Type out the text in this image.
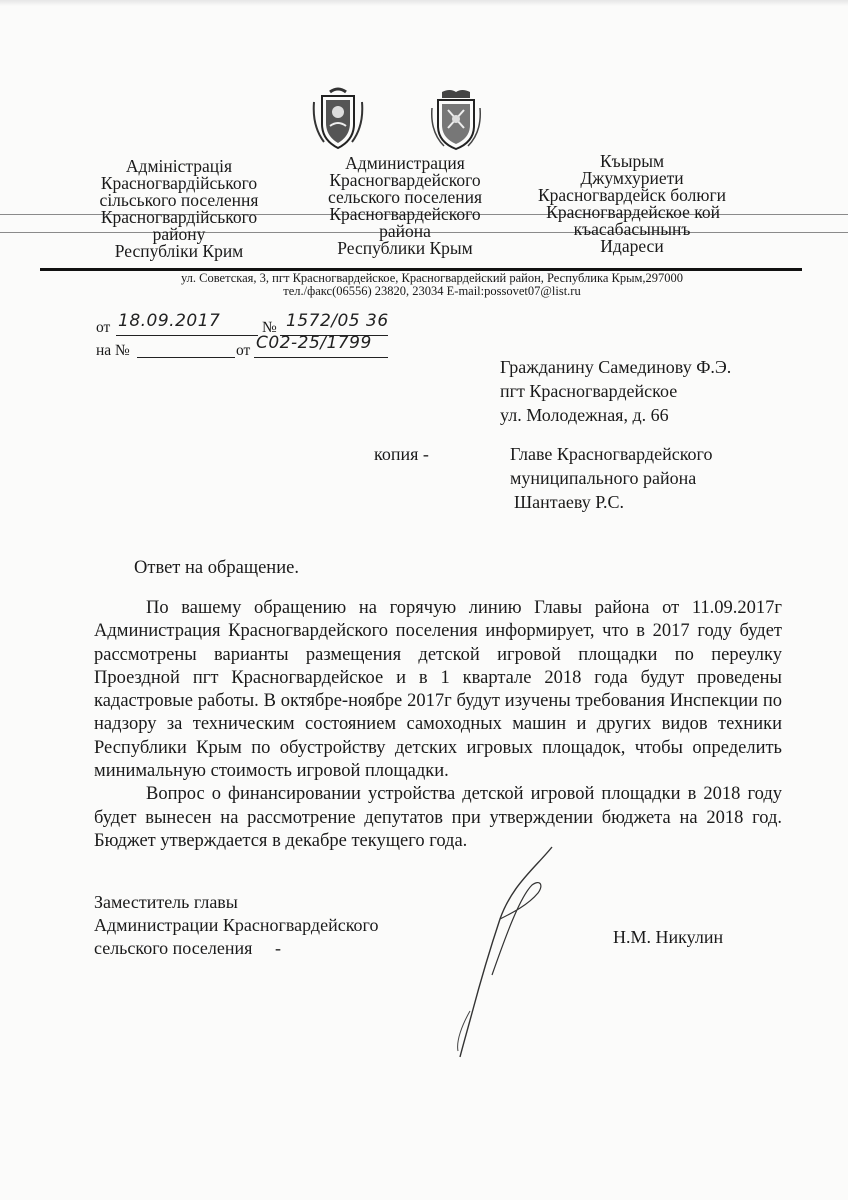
Адміністрація
Красногвардійського
сільського поселення
Красногвардійського
району
Республіки Крим
Администрация
Красногвардейского
сельского поселения
Красногвардейского
района
Республики Крым
Къырым
Джумхуриети
Красногвардейск болюги
Красногвардейское кой
къасабасынынъ
Идареси
ул. Советская, 3, пгт Красногвардейское, Красногвардейский район, Республика Крым,297000
тел./факс(06556) 23820, 23034 E-mail:possovet07@list.ru
от 18.09.2017	№ 1572/05 36
на №	от С02-25/1799
Гражданину Самединову Ф.Э.
пгт Красногвардейское
ул. Молодежная, д. 66
копия -	Главе Красногвардейского
муниципального района
Шантаеву Р.С.
Ответ на обращение.

По вашему обращению на горячую линию Главы района от 11.09.2017г Администрация Красногвардейского поселения информирует, что в 2017 году будет рассмотрены варианты размещения детской игровой площадки по переулку Проездной пгт Красногвардейское и в 1 квартале 2018 года будут проведены кадастровые работы. В октябре-ноябре 2017г будут изучены требования Инспекции по надзору за техническим состоянием самоходных машин и других видов техники Республики Крым по обустройству детских игровых площадок, чтобы определить минимальную стоимость игровой площадки.

Вопрос о финансировании устройства детской игровой площадки в 2018 году будет вынесен на рассмотрение депутатов при утверждении бюджета на 2018 год. Бюджет утверждается в декабре текущего года.

Заместитель главы
Администрации Красногвардейского
сельского поселения     -
Н.М. Никулин
